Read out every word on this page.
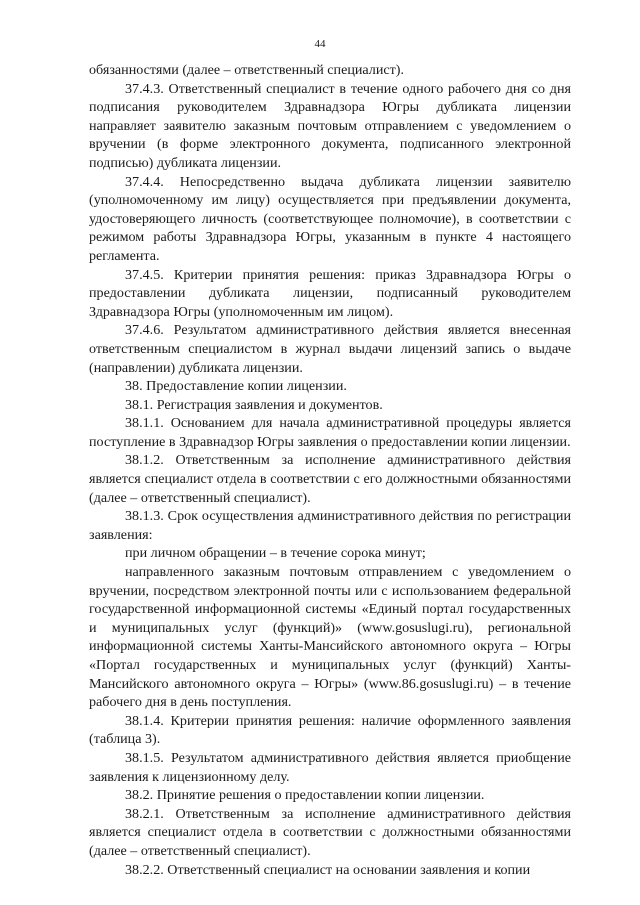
44

обязанностями (далее – ответственный специалист).

37.4.3. Ответственный специалист в течение одного рабочего дня со дня подписания руководителем Здравнадзора Югры дубликата лицензии направляет заявителю заказным почтовым отправлением с уведомлением о вручении (в форме электронного документа, подписанного электронной подписью) дубликата лицензии.

37.4.4. Непосредственно выдача дубликата лицензии заявителю (уполномоченному им лицу) осуществляется при предъявлении документа, удостоверяющего личность (соответствующее полномочие), в соответствии с режимом работы Здравнадзора Югры, указанным в пункте 4 настоящего регламента.

37.4.5. Критерии принятия решения: приказ Здравнадзора Югры о предоставлении дубликата лицензии, подписанный руководителем Здравнадзора Югры (уполномоченным им лицом).

37.4.6. Результатом административного действия является внесенная ответственным специалистом в журнал выдачи лицензий запись о выдаче (направлении) дубликата лицензии.

38. Предоставление копии лицензии.

38.1. Регистрация заявления и документов.

38.1.1. Основанием для начала административной процедуры является поступление в Здравнадзор Югры заявления о предоставлении копии лицензии.

38.1.2. Ответственным за исполнение административного действия является специалист отдела в соответствии с его должностными обязанностями (далее – ответственный специалист).

38.1.3. Срок осуществления административного действия по регистрации заявления:

при личном обращении – в течение сорока минут;

направленного заказным почтовым отправлением с уведомлением о вручении, посредством электронной почты или с использованием федеральной государственной информационной системы «Единый портал государственных и муниципальных услуг (функций)» (www.gosuslugi.ru), региональной информационной системы Ханты-Мансийского автономного округа – Югры «Портал государственных и муниципальных услуг (функций) Ханты-Мансийского автономного округа – Югры» (www.86.gosuslugi.ru) – в течение рабочего дня в день поступления.

38.1.4. Критерии принятия решения: наличие оформленного заявления (таблица 3).

38.1.5. Результатом административного действия является приобщение заявления к лицензионному делу.

38.2. Принятие решения о предоставлении копии лицензии.

38.2.1. Ответственным за исполнение административного действия является специалист отдела в соответствии с должностными обязанностями (далее – ответственный специалист).

38.2.2. Ответственный специалист на основании заявления и копии
